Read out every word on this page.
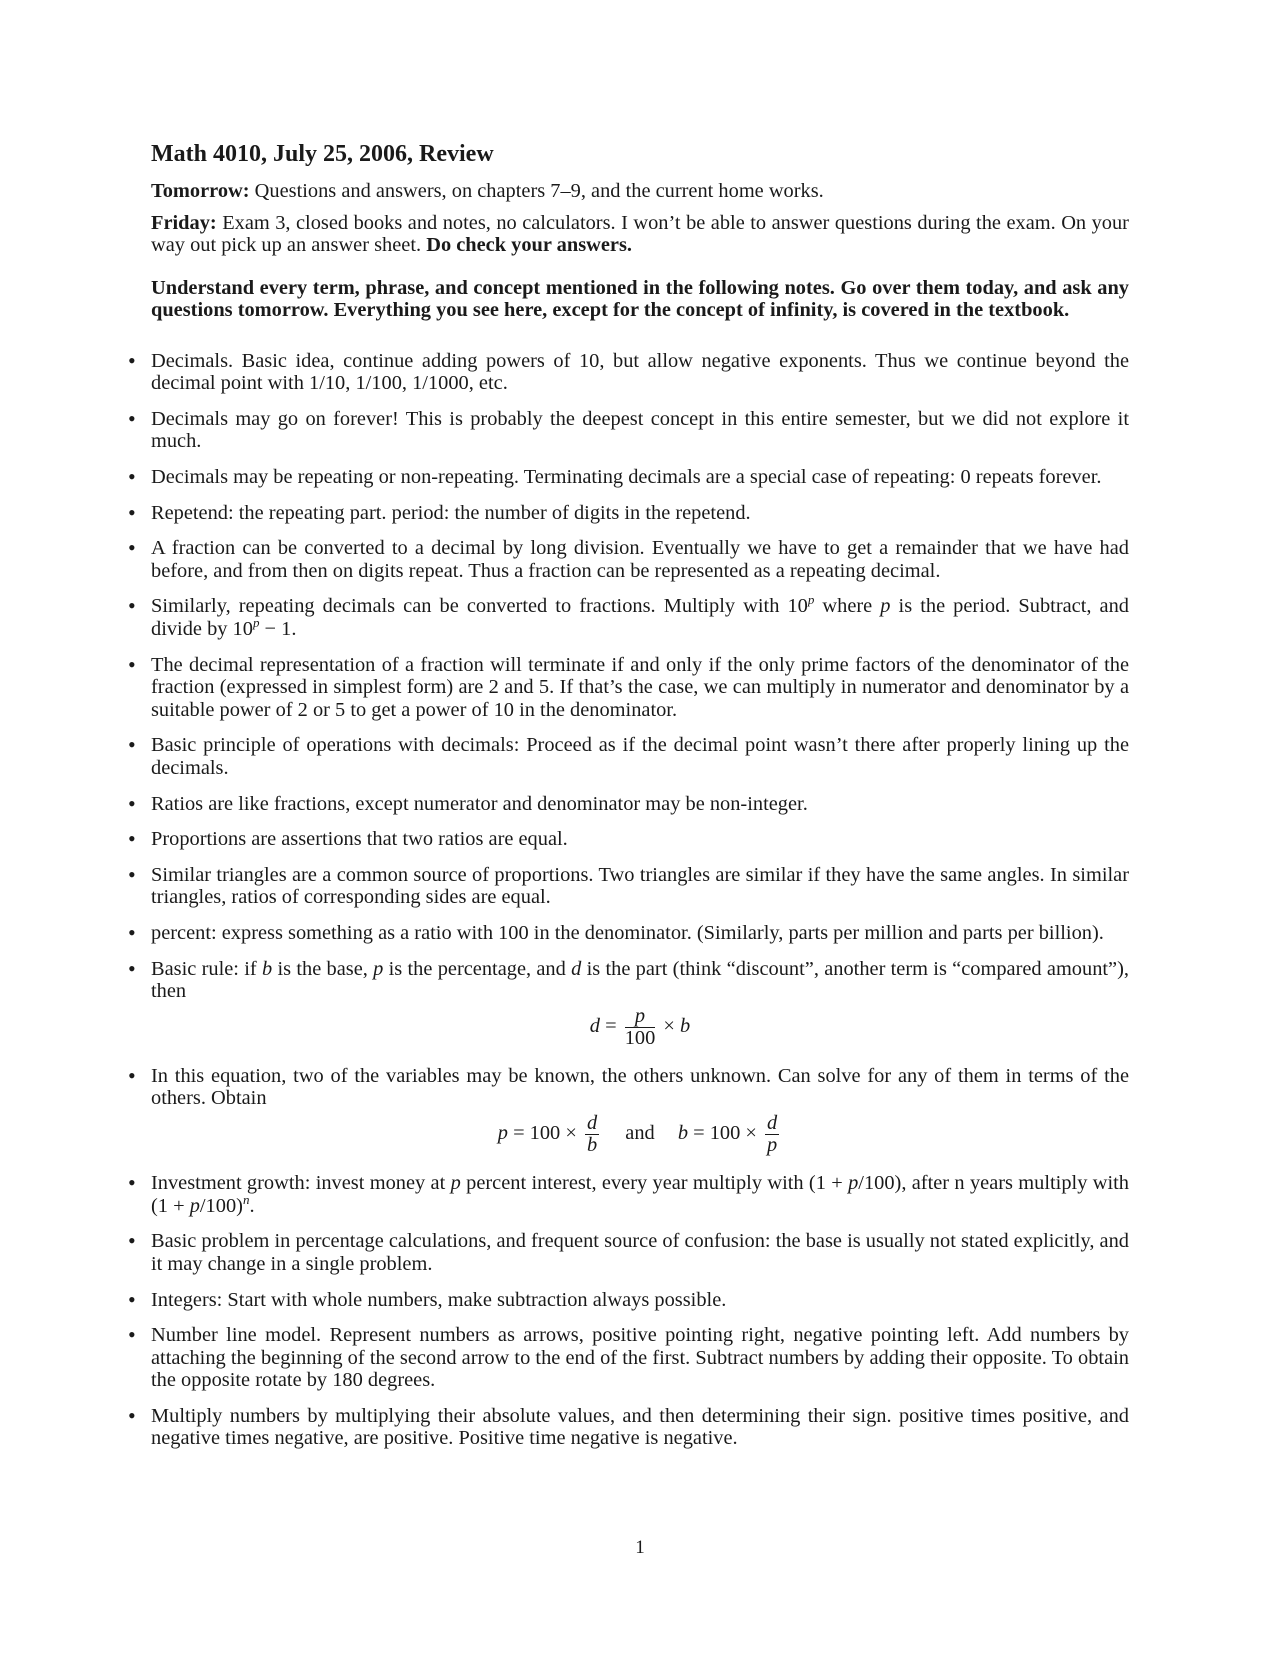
Math 4010, July 25, 2006, Review

Tomorrow: Questions and answers, on chapters 7–9, and the current home works.

Friday: Exam 3, closed books and notes, no calculators. I won’t be able to answer questions during the exam. On your way out pick up an answer sheet. Do check your answers.

Understand every term, phrase, and concept mentioned in the following notes. Go over them today, and ask any questions tomorrow. Everything you see here, except for the concept of infinity, is covered in the textbook.

• Decimals. Basic idea, continue adding powers of 10, but allow negative exponents. Thus we continue beyond the decimal point with 1/10, 1/100, 1/1000, etc.
• Decimals may go on forever! This is probably the deepest concept in this entire semester, but we did not explore it much.
• Decimals may be repeating or non-repeating. Terminating decimals are a special case of repeating: 0 repeats forever.
• Repetend: the repeating part. period: the number of digits in the repetend.
• A fraction can be converted to a decimal by long division. Eventually we have to get a remainder that we have had before, and from then on digits repeat. Thus a fraction can be represented as a repeating decimal.
• Similarly, repeating decimals can be converted to fractions. Multiply with 10$^p$ where p is the period. Subtract, and divide by $10^p - 1$.
• The decimal representation of a fraction will terminate if and only if the only prime factors of the denominator of the fraction (expressed in simplest form) are 2 and 5. If that’s the case, we can multiply in numerator and denominator by a suitable power of 2 or 5 to get a power of 10 in the denominator.
• Basic principle of operations with decimals: Proceed as if the decimal point wasn’t there after properly lining up the decimals.
• Ratios are like fractions, except numerator and denominator may be non-integer.
• Proportions are assertions that two ratios are equal.
• Similar triangles are a common source of proportions. Two triangles are similar if they have the same angles. In similar triangles, ratios of corresponding sides are equal.
• percent: express something as a ratio with 100 in the denominator. (Similarly, parts per million and parts per billion).
• Basic rule: if b is the base, p is the percentage, and d is the part (think “discount”, another term is “compared amount”), then
$d = \frac{p}{100} \times b$
• In this equation, two of the variables may be known, the others unknown. Can solve for any of them in terms of the others. Obtain
$p = 100 \times \frac{d}{b}$ and $b = 100 \times \frac{d}{p}$
• Investment growth: invest money at p percent interest, every year multiply with (1 + p/100), after n years multiply with $(1 + p/100)^n$.
• Basic problem in percentage calculations, and frequent source of confusion: the base is usually not stated explicitly, and it may change in a single problem.
• Integers: Start with whole numbers, make subtraction always possible.
• Number line model. Represent numbers as arrows, positive pointing right, negative pointing left. Add numbers by attaching the beginning of the second arrow to the end of the first. Subtract numbers by adding their opposite. To obtain the opposite rotate by 180 degrees.
• Multiply numbers by multiplying their absolute values, and then determining their sign. positive times positive, and negative times negative, are positive. Positive time negative is negative.
1
